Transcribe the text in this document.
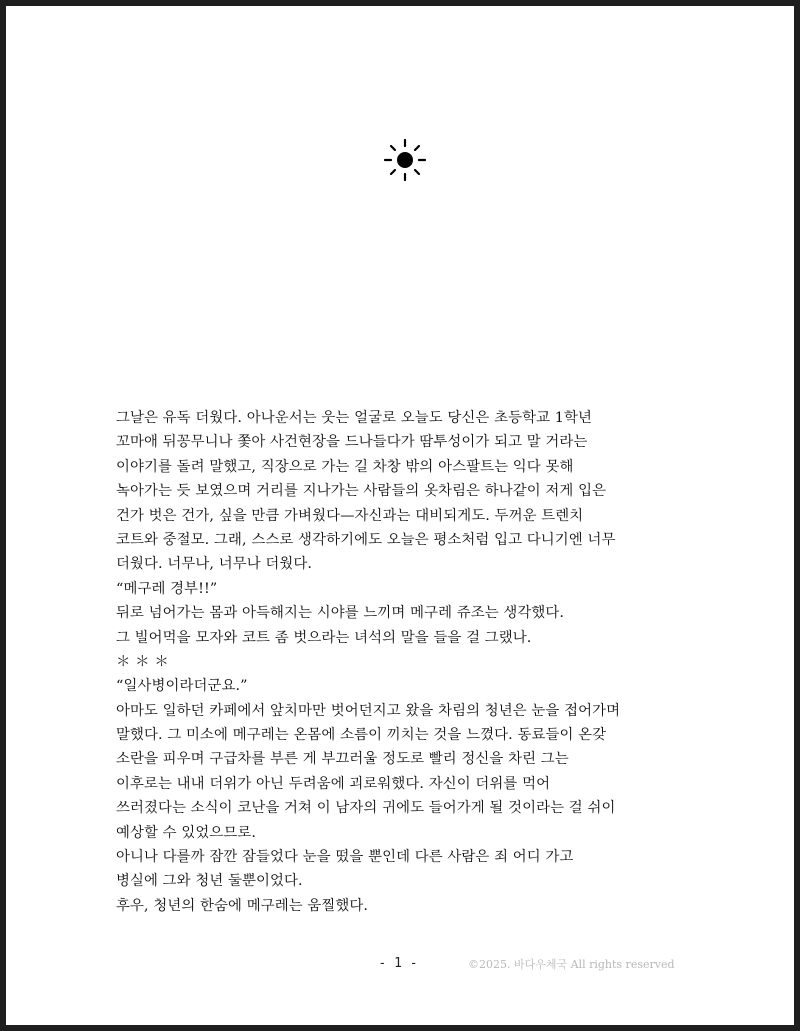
그날은 유독 더웠다. 아나운서는 웃는 얼굴로 오늘도 당신은 초등학교 1학년
꼬마애 뒤꽁무니나 쫓아 사건현장을 드나들다가 땀투성이가 되고 말 거라는
이야기를 돌려 말했고, 직장으로 가는 길 차창 밖의 아스팔트는 익다 못해
녹아가는 듯 보였으며 거리를 지나가는 사람들의 옷차림은 하나같이 저게 입은
건가 벗은 건가, 싶을 만큼 가벼웠다—자신과는 대비되게도. 두꺼운 트렌치
코트와 중절모. 그래, 스스로 생각하기에도 오늘은 평소처럼 입고 다니기엔 너무
더웠다. 너무나, 너무나 더웠다.
“메구레 경부!!”
뒤로 넘어가는 몸과 아득해지는 시야를 느끼며 메구레 쥬조는 생각했다.
그 빌어먹을 모자와 코트 좀 벗으라는 녀석의 말을 들을 걸 그랬나.
＊ ＊ ＊
“일사병이라더군요.”
아마도 일하던 카페에서 앞치마만 벗어던지고 왔을 차림의 청년은 눈을 접어가며
말했다. 그 미소에 메구레는 온몸에 소름이 끼치는 것을 느꼈다. 동료들이 온갖
소란을 피우며 구급차를 부른 게 부끄러울 정도로 빨리 정신을 차린 그는
이후로는 내내 더위가 아닌 두려움에 괴로워했다. 자신이 더위를 먹어
쓰러졌다는 소식이 코난을 거쳐 이 남자의 귀에도 들어가게 될 것이라는 걸 쉬이
예상할 수 있었으므로.
아니나 다를까 잠깐 잠들었다 눈을 떴을 뿐인데 다른 사람은 죄 어디 가고
병실에 그와 청년 둘뿐이었다.
후우, 청년의 한숨에 메구레는 움찔했다.
- 1 -	©2025. 바다우체국 All rights reserved
